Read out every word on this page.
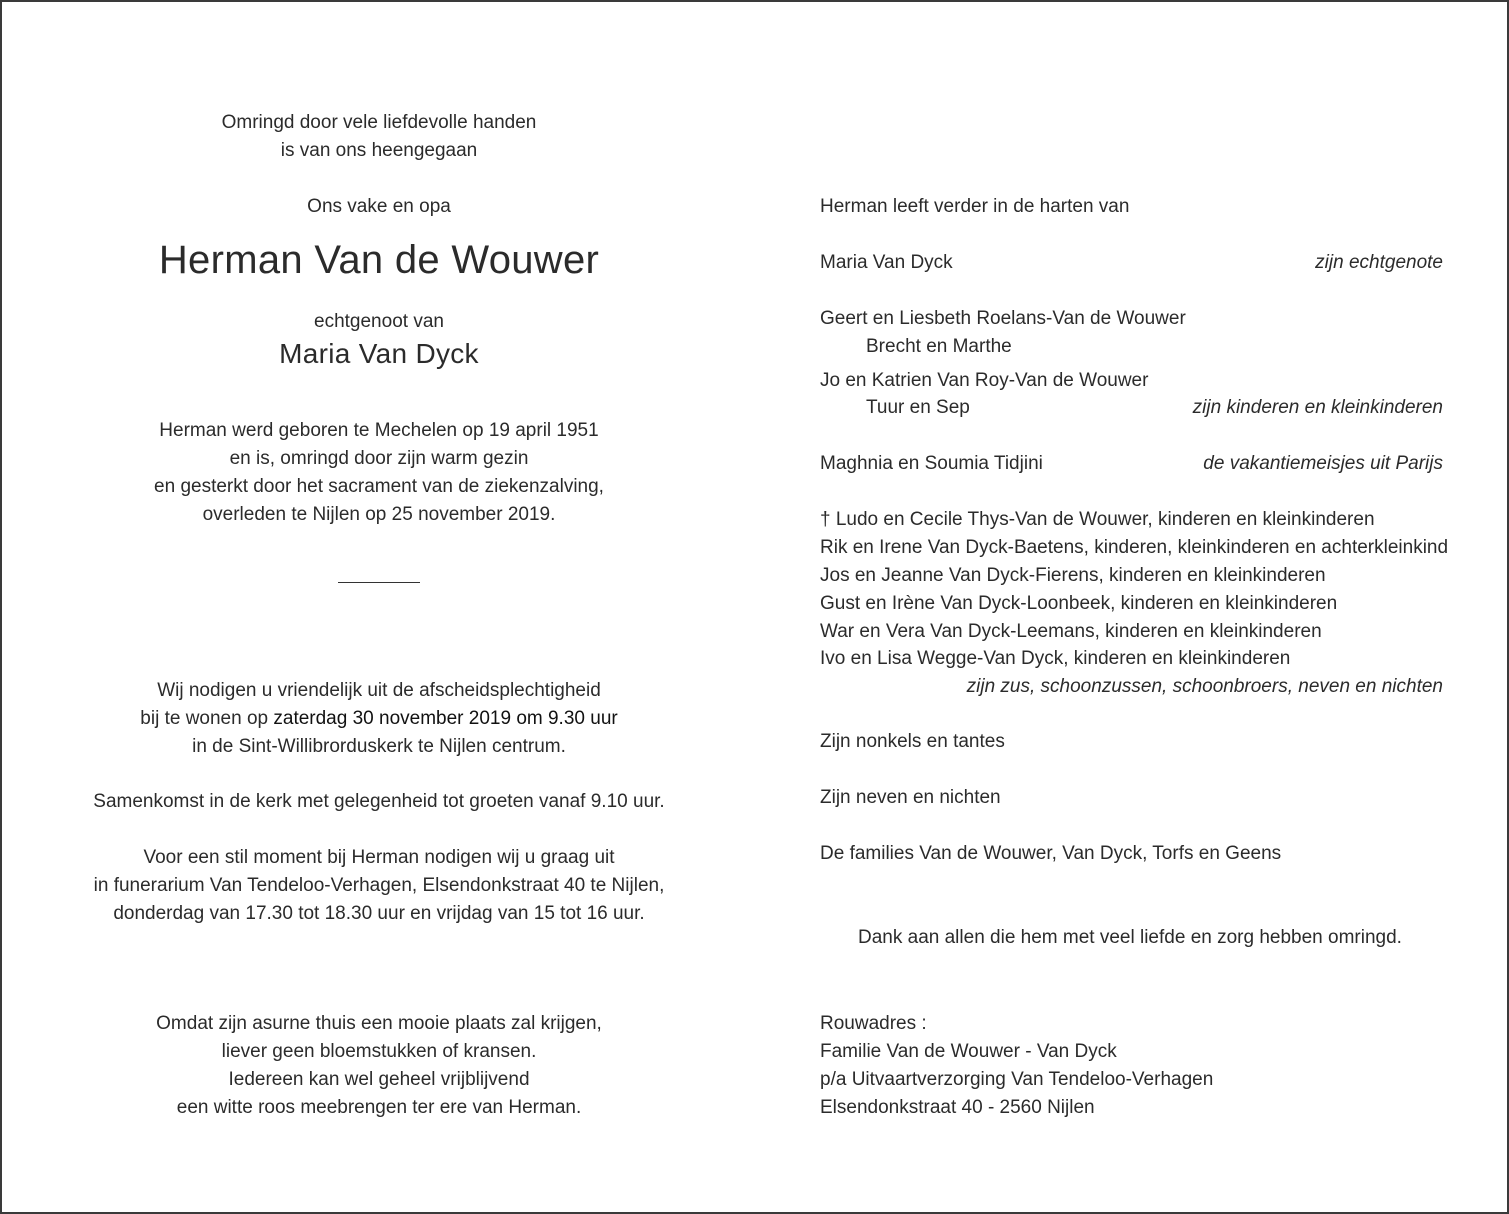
Omringd door vele liefdevolle handen
is van ons heengegaan
Ons vake en opa
Herman Van de Wouwer
echtgenoot van
Maria Van Dyck
Herman werd geboren te Mechelen op 19 april 1951
en is, omringd door zijn warm gezin
en gesterkt door het sacrament van de ziekenzalving,
overleden te Nijlen op 25 november 2019.
Wij nodigen u vriendelijk uit de afscheidsplechtigheid
bij te wonen op zaterdag 30 november 2019 om 9.30 uur
in de Sint-Willibrorduskerk te Nijlen centrum.
Samenkomst in de kerk met gelegenheid tot groeten vanaf 9.10 uur.
Voor een stil moment bij Herman nodigen wij u graag uit
in funerarium Van Tendeloo-Verhagen, Elsendonkstraat 40 te Nijlen,
donderdag van 17.30 tot 18.30 uur en vrijdag van 15 tot 16 uur.
Omdat zijn asurne thuis een mooie plaats zal krijgen,
liever geen bloemstukken of kransen.
Iedereen kan wel geheel vrijblijvend
een witte roos meebrengen ter ere van Herman.
Herman leeft verder in de harten van
Maria Van Dyck	zijn echtgenote
Geert en Liesbeth Roelans-Van de Wouwer
Brecht en Marthe
Jo en Katrien Van Roy-Van de Wouwer
Tuur en Sep	zijn kinderen en kleinkinderen
Maghnia en Soumia Tidjini	de vakantiemeisjes uit Parijs
† Ludo en Cecile Thys-Van de Wouwer, kinderen en kleinkinderen
Rik en Irene Van Dyck-Baetens, kinderen, kleinkinderen en achterkleinkind
Jos en Jeanne Van Dyck-Fierens, kinderen en kleinkinderen
Gust en Irène Van Dyck-Loonbeek, kinderen en kleinkinderen
War en Vera Van Dyck-Leemans, kinderen en kleinkinderen
Ivo en Lisa Wegge-Van Dyck, kinderen en kleinkinderen
zijn zus, schoonzussen, schoonbroers, neven en nichten
Zijn nonkels en tantes
Zijn neven en nichten
De families Van de Wouwer, Van Dyck, Torfs en Geens
Dank aan allen die hem met veel liefde en zorg hebben omringd.
Rouwadres :
Familie Van de Wouwer - Van Dyck
p/a Uitvaartverzorging Van Tendeloo-Verhagen
Elsendonkstraat 40 - 2560 Nijlen
